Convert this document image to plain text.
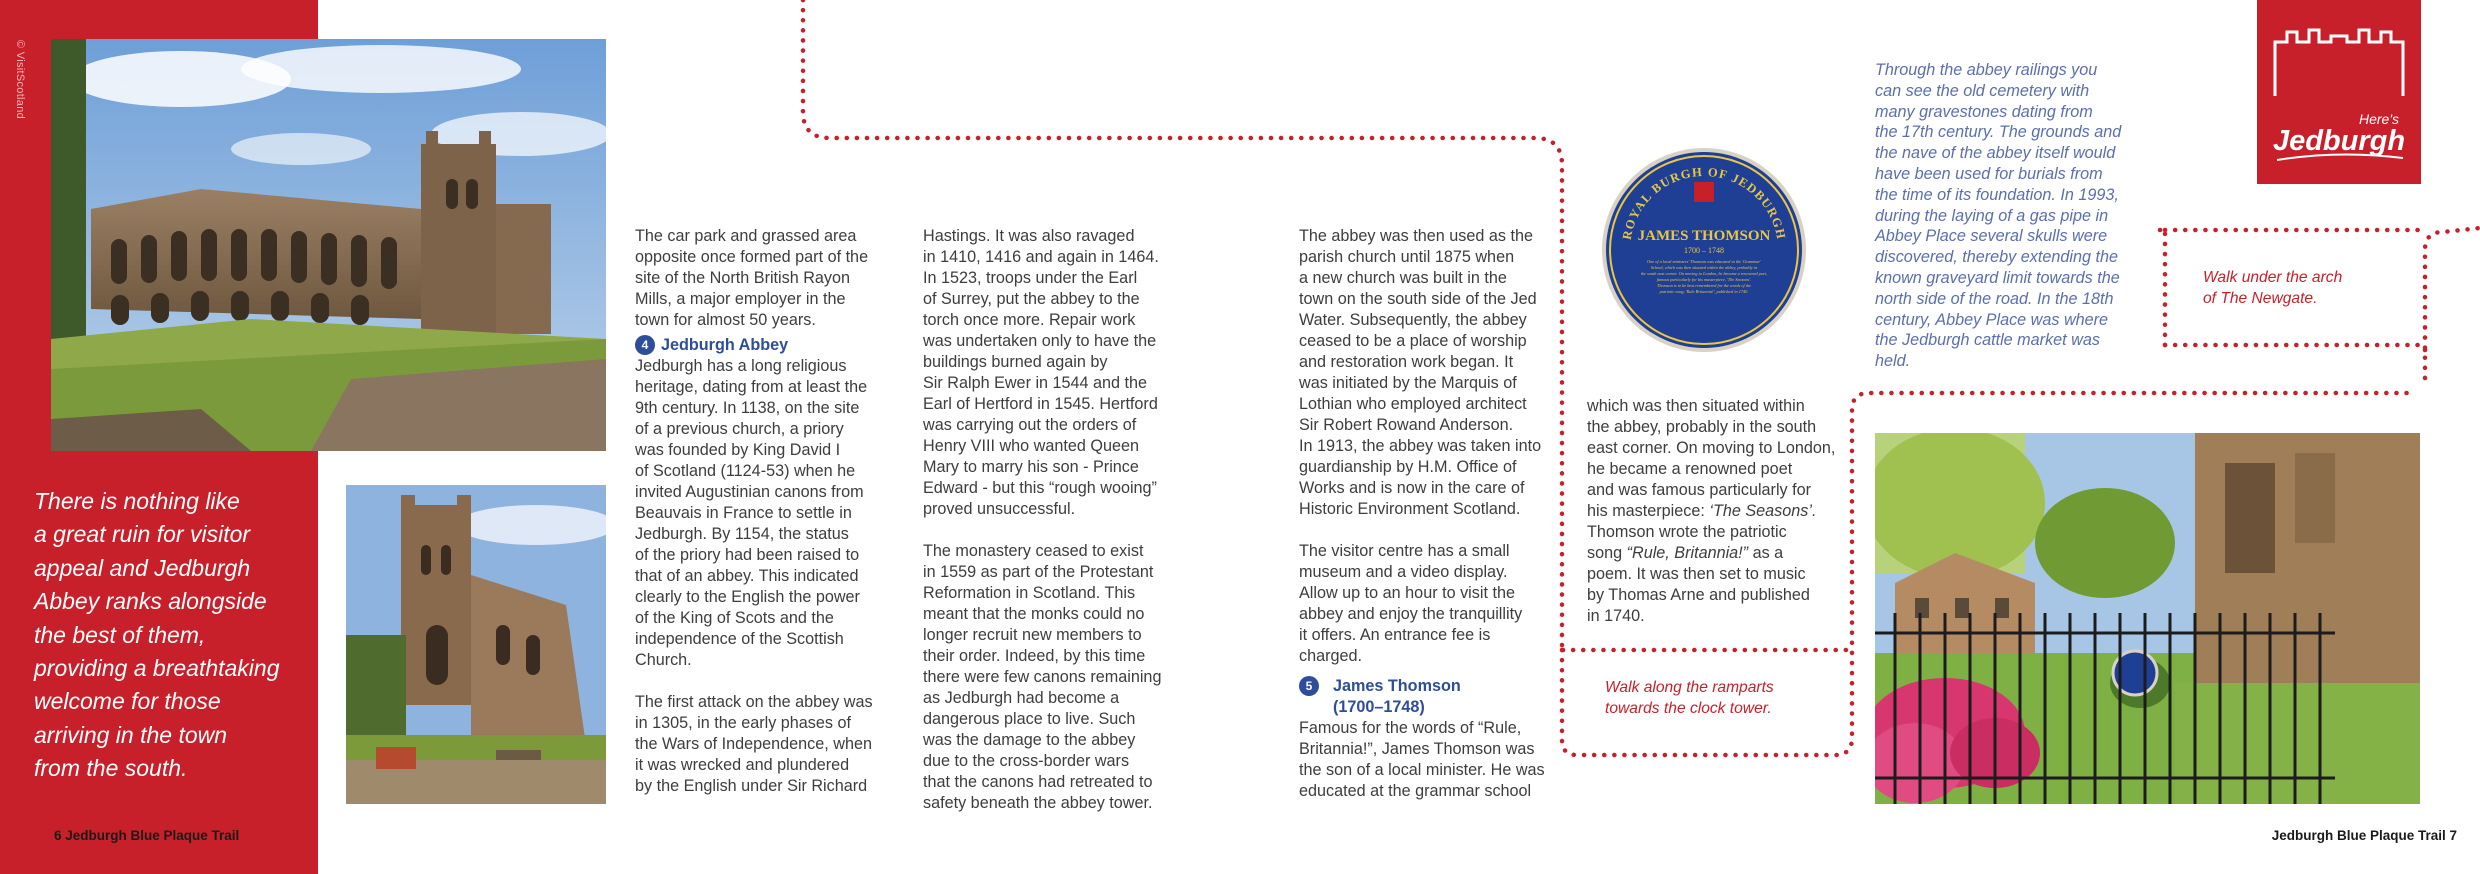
© VisitScotland
There is nothing like
a great ruin for visitor
appeal and Jedburgh
Abbey ranks alongside
the best of them,
providing a breathtaking
welcome for those
arriving in the town
from the south.
The car park and grassed area
opposite once formed part of the
site of the North British Rayon
Mills, a major employer in the
town for almost 50 years.
4 Jedburgh Abbey
Jedburgh has a long religious
heritage, dating from at least the
9th century. In 1138, on the site
of a previous church, a priory
was founded by King David I
of Scotland (1124-53) when he
invited Augustinian canons from
Beauvais in France to settle in
Jedburgh. By 1154, the status
of the priory had been raised to
that of an abbey. This indicated
clearly to the English the power
of the King of Scots and the
independence of the Scottish
Church.
The first attack on the abbey was
in 1305, in the early phases of
the Wars of Independence, when
it was wrecked and plundered
by the English under Sir Richard
Hastings. It was also ravaged
in 1410, 1416 and again in 1464.
In 1523, troops under the Earl
of Surrey, put the abbey to the
torch once more. Repair work
was undertaken only to have the
buildings burned again by
Sir Ralph Ewer in 1544 and the
Earl of Hertford in 1545. Hertford
was carrying out the orders of
Henry VIII who wanted Queen
Mary to marry his son - Prince
Edward - but this “rough wooing”
proved unsuccessful.
The monastery ceased to exist
in 1559 as part of the Protestant
Reformation in Scotland. This
meant that the monks could no
longer recruit new members to
their order. Indeed, by this time
there were few canons remaining
as Jedburgh had become a
dangerous place to live. Such
was the damage to the abbey
due to the cross-border wars
that the canons had retreated to
safety beneath the abbey tower.
The abbey was then used as the
parish church until 1875 when
a new church was built in the
town on the south side of the Jed
Water. Subsequently, the abbey
ceased to be a place of worship
and restoration work began. It
was initiated by the Marquis of
Lothian who employed architect
Sir Robert Rowand Anderson.
In 1913, the abbey was taken into
guardianship by H.M. Office of
Works and is now in the care of
Historic Environment Scotland.
The visitor centre has a small
museum and a video display.
Allow up to an hour to visit the
abbey and enjoy the tranquillity
it offers. An entrance fee is
charged.
5 James Thomson
(1700–1748)
Famous for the words of “Rule,
Britannia!”, James Thomson was
the son of a local minister. He was
educated at the grammar school
which was then situated within
the abbey, probably in the south
east corner. On moving to London,
he became a renowned poet
and was famous particularly for
his masterpiece: ‘The Seasons’.
Thomson wrote the patriotic
song “Rule, Britannia!” as a
poem. It was then set to music
by Thomas Arne and published
in 1740.
ROYAL BURGH OF JEDBURGH
JAMES THOMSON
1700 – 1748
One of a local ministers' Thomson was educated in the 'Grammar'
School, which was then situated within the abbey, probably in
the south east corner. On moving to London, he became a renowned poet,
famous particularly for his masterpiece, 'The Seasons'.
Thomson is to be best remembered for the words of the
patriotic song, 'Rule Britannia!', published in 1740.
Walk along the ramparts
towards the clock tower.
Walk under the arch
of The Newgate.
Through the abbey railings you
can see the old cemetery with
many gravestones dating from
the 17th century. The grounds and
the nave of the abbey itself would
have been used for burials from
the time of its foundation. In 1993,
during the laying of a gas pipe in
Abbey Place several skulls were
discovered, thereby extending the
known graveyard limit towards the
north side of the road. In the 18th
century, Abbey Place was where
the Jedburgh cattle market was
held.
Here's
Jedburgh
6 Jedburgh Blue Plaque Trail	Jedburgh Blue Plaque Trail 7
